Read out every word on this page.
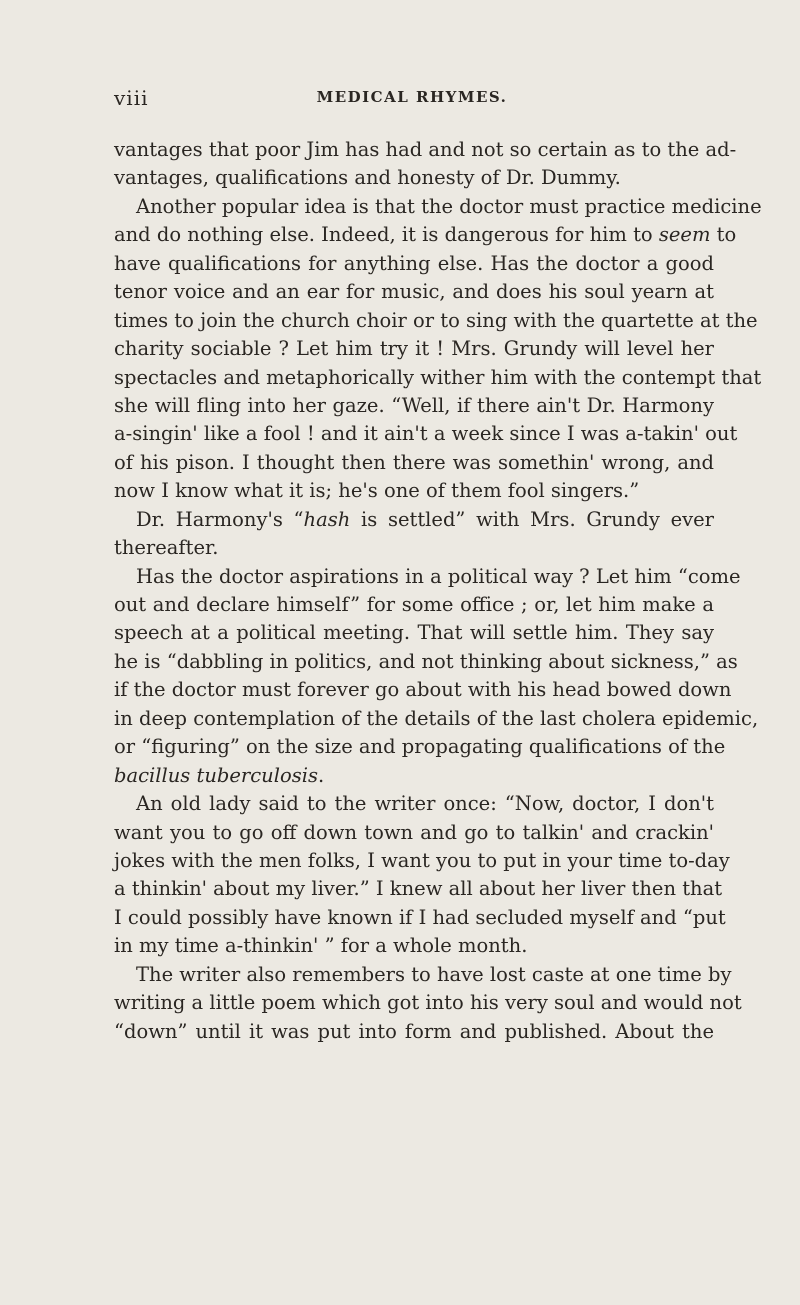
viii	MEDICAL RHYMES.
vantages that poor Jim has had and not so certain as to the ad-
vantages, qualifications and honesty of Dr. Dummy.
Another popular idea is that the doctor must practice medicine
and do nothing else. Indeed, it is dangerous for him to seem to
have qualifications for anything else. Has the doctor a good
tenor voice and an ear for music, and does his soul yearn at
times to join the church choir or to sing with the quartette at the
charity sociable ? Let him try it ! Mrs. Grundy will level her
spectacles and metaphorically wither him with the contempt that
she will fling into her gaze. “Well, if there ain't Dr. Harmony
a-singin' like a fool ! and it ain't a week since I was a-takin' out
of his pison. I thought then there was somethin' wrong, and
now I know what it is; he's one of them fool singers.”
Dr. Harmony's “hash is settled” with Mrs. Grundy ever
thereafter.
Has the doctor aspirations in a political way ? Let him “come
out and declare himself” for some office ; or, let him make a
speech at a political meeting. That will settle him. They say
he is “dabbling in politics, and not thinking about sickness,” as
if the doctor must forever go about with his head bowed down
in deep contemplation of the details of the last cholera epidemic,
or “figuring” on the size and propagating qualifications of the
bacillus tuberculosis.
An old lady said to the writer once: “Now, doctor, I don't
want you to go off down town and go to talkin' and crackin'
jokes with the men folks, I want you to put in your time to-day
a thinkin' about my liver.” I knew all about her liver then that
I could possibly have known if I had secluded myself and “put
in my time a-thinkin' ” for a whole month.
The writer also remembers to have lost caste at one time by
writing a little poem which got into his very soul and would not
“down” until it was put into form and published. About the
